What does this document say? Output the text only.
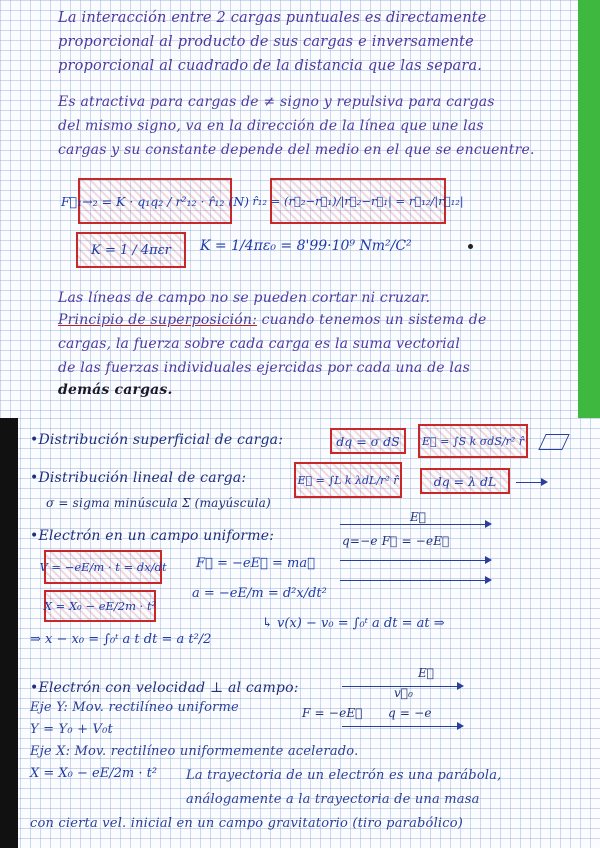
La interacción entre 2 cargas puntuales es directamente
proporcional al producto de sus cargas e inversamente
proporcional al cuadrado de la distancia que las separa.
Es atractiva para cargas de ≠ signo y repulsiva para cargas
del mismo signo, va en la dirección de la línea que une las
cargas y su constante depende del medio en el que se encuentre.
F⃗₁→₂ = K · q₁q₂ / r²₁₂ · r̂₁₂ (N) r̂₁₂ = (r⃗₂−r⃗₁)/|r⃗₂−r⃗₁| = r⃗₁₂/|r⃗₁₂|
K = 1 / 4πεr	K = 1/4πε₀ = 8'99·10⁹ Nm²/C²
Las líneas de campo no se pueden cortar ni cruzar.
Principio de superposición: cuando tenemos un sistema de
cargas, la fuerza sobre cada carga es la suma vectorial
de las fuerzas individuales ejercidas por cada una de las
demás cargas.
•Distribución superficial de carga:	dq = σ dS	E⃗ = ∫S k σdS/r² r̂
•Distribución lineal de carga:	E⃗ = ∫L k λdL/r² r̂	dq = λ dL
σ = sigma minúscula Σ (mayúscula)
•Electrón en un campo uniforme:
E⃗
q=−e F⃗ = −eE⃗
V = −eE/m · t = dx/dt
X = X₀ − eE/2m · t²
F⃗ = −eE⃗ = ma⃗
a = −eE/m = d²x/dt²
↳ v(x) − v₀ = ∫₀ᵗ a dt = at ⇒
⇒ x − x₀ = ∫₀ᵗ a t dt = a t²/2
•Electrón con velocidad ⊥ al campo:
E⃗
v⃗₀
F = −eE⃗ q = −e
Eje Y: Mov. rectilíneo uniforme
Y = Y₀ + V₀t
Eje X: Mov. rectilíneo uniformemente acelerado.
X = X₀ − eE/2m · t² La trayectoria de un electrón es una parábola,
análogamente a la trayectoria de una masa
con cierta vel. inicial en un campo gravitatorio (tiro parabólico)
